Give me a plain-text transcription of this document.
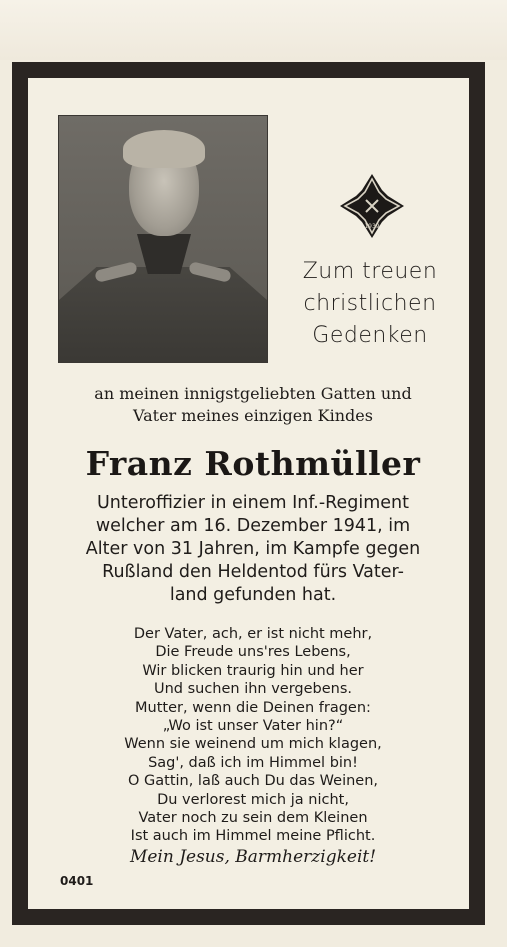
1939
Zum treuen
christlichen
Gedenken
an meinen innigstgeliebten Gatten und
Vater meines einzigen Kindes
Franz Rothmüller
Unteroffizier in einem Inf.-Regiment
welcher am 16. Dezember 1941, im
Alter von 31 Jahren, im Kampfe gegen
Rußland den Heldentod fürs Vater-
land gefunden hat.
Der Vater, ach, er ist nicht mehr,
Die Freude uns'res Lebens,
Wir blicken traurig hin und her
Und suchen ihn vergebens.
Mutter, wenn die Deinen fragen:
„Wo ist unser Vater hin?“
Wenn sie weinend um mich klagen,
Sag', daß ich im Himmel bin!
O Gattin, laß auch Du das Weinen,
Du verlorest mich ja nicht,
Vater noch zu sein dem Kleinen
Ist auch im Himmel meine Pflicht.
Mein Jesus, Barmherzigkeit!
0401
